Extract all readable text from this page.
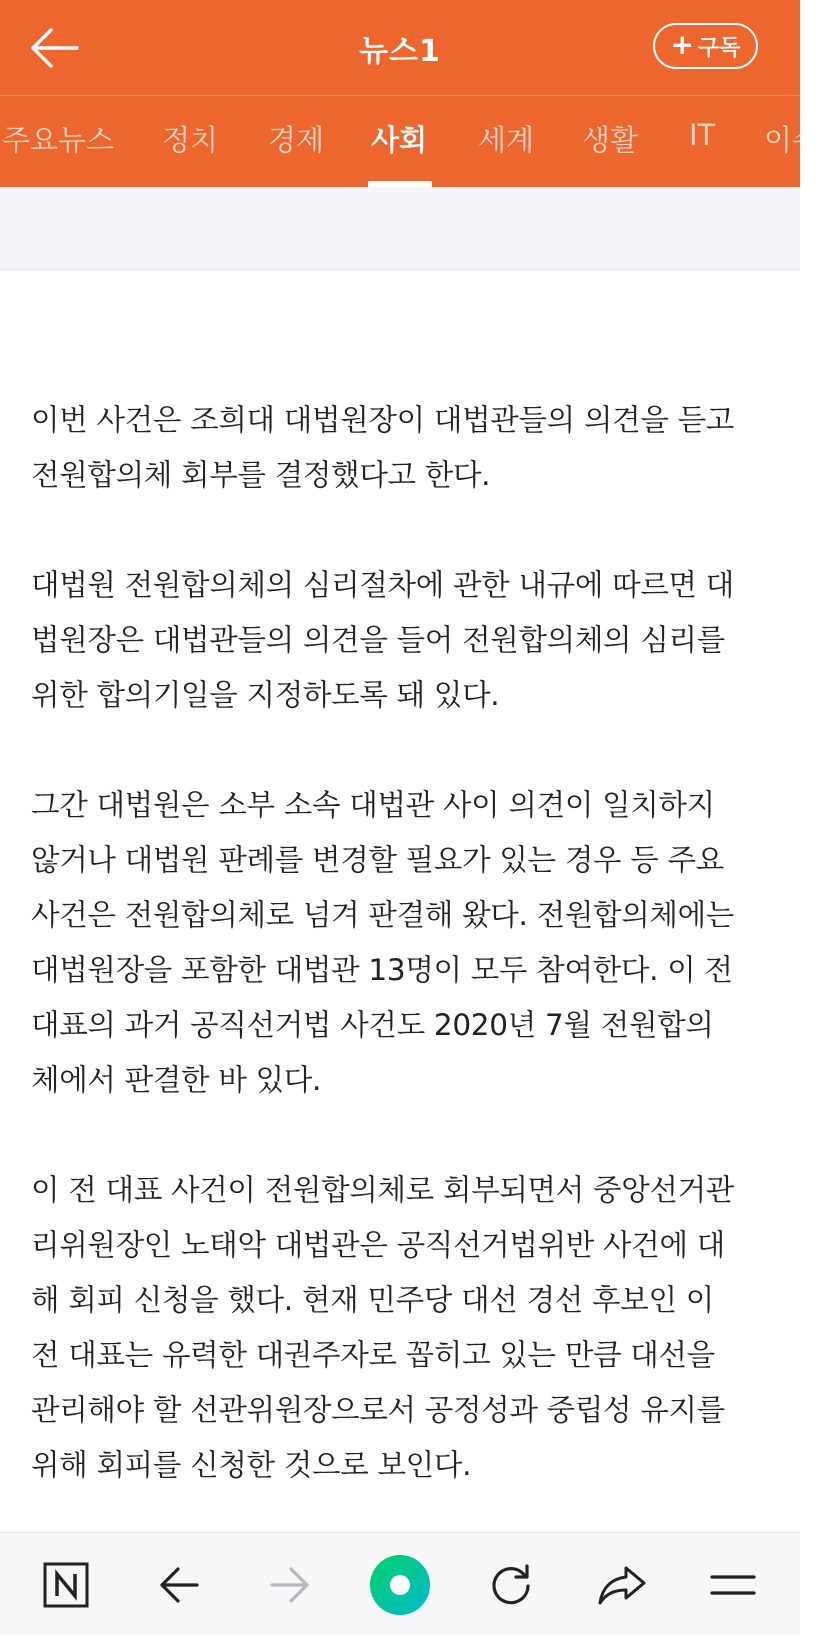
뉴스1	+ 구독
주요뉴스 정치 경제 사회 세계 생활 IT 이슈

이번 사건은 조희대 대법원장이 대법관들의 의견을 듣고
전원합의체 회부를 결정했다고 한다.

대법원 전원합의체의 심리절차에 관한 내규에 따르면 대
법원장은 대법관들의 의견을 들어 전원합의체의 심리를
위한 합의기일을 지정하도록 돼 있다.

그간 대법원은 소부 소속 대법관 사이 의견이 일치하지
않거나 대법원 판례를 변경할 필요가 있는 경우 등 주요
사건은 전원합의체로 넘겨 판결해 왔다. 전원합의체에는
대법원장을 포함한 대법관 13명이 모두 참여한다. 이 전
대표의 과거 공직선거법 사건도 2020년 7월 전원합의
체에서 판결한 바 있다.

이 전 대표 사건이 전원합의체로 회부되면서 중앙선거관
리위원장인 노태악 대법관은 공직선거법위반 사건에 대
해 회피 신청을 했다. 현재 민주당 대선 경선 후보인 이
전 대표는 유력한 대권주자로 꼽히고 있는 만큼 대선을
관리해야 할 선관위원장으로서 공정성과 중립성 유지를
위해 회피를 신청한 것으로 보인다.
